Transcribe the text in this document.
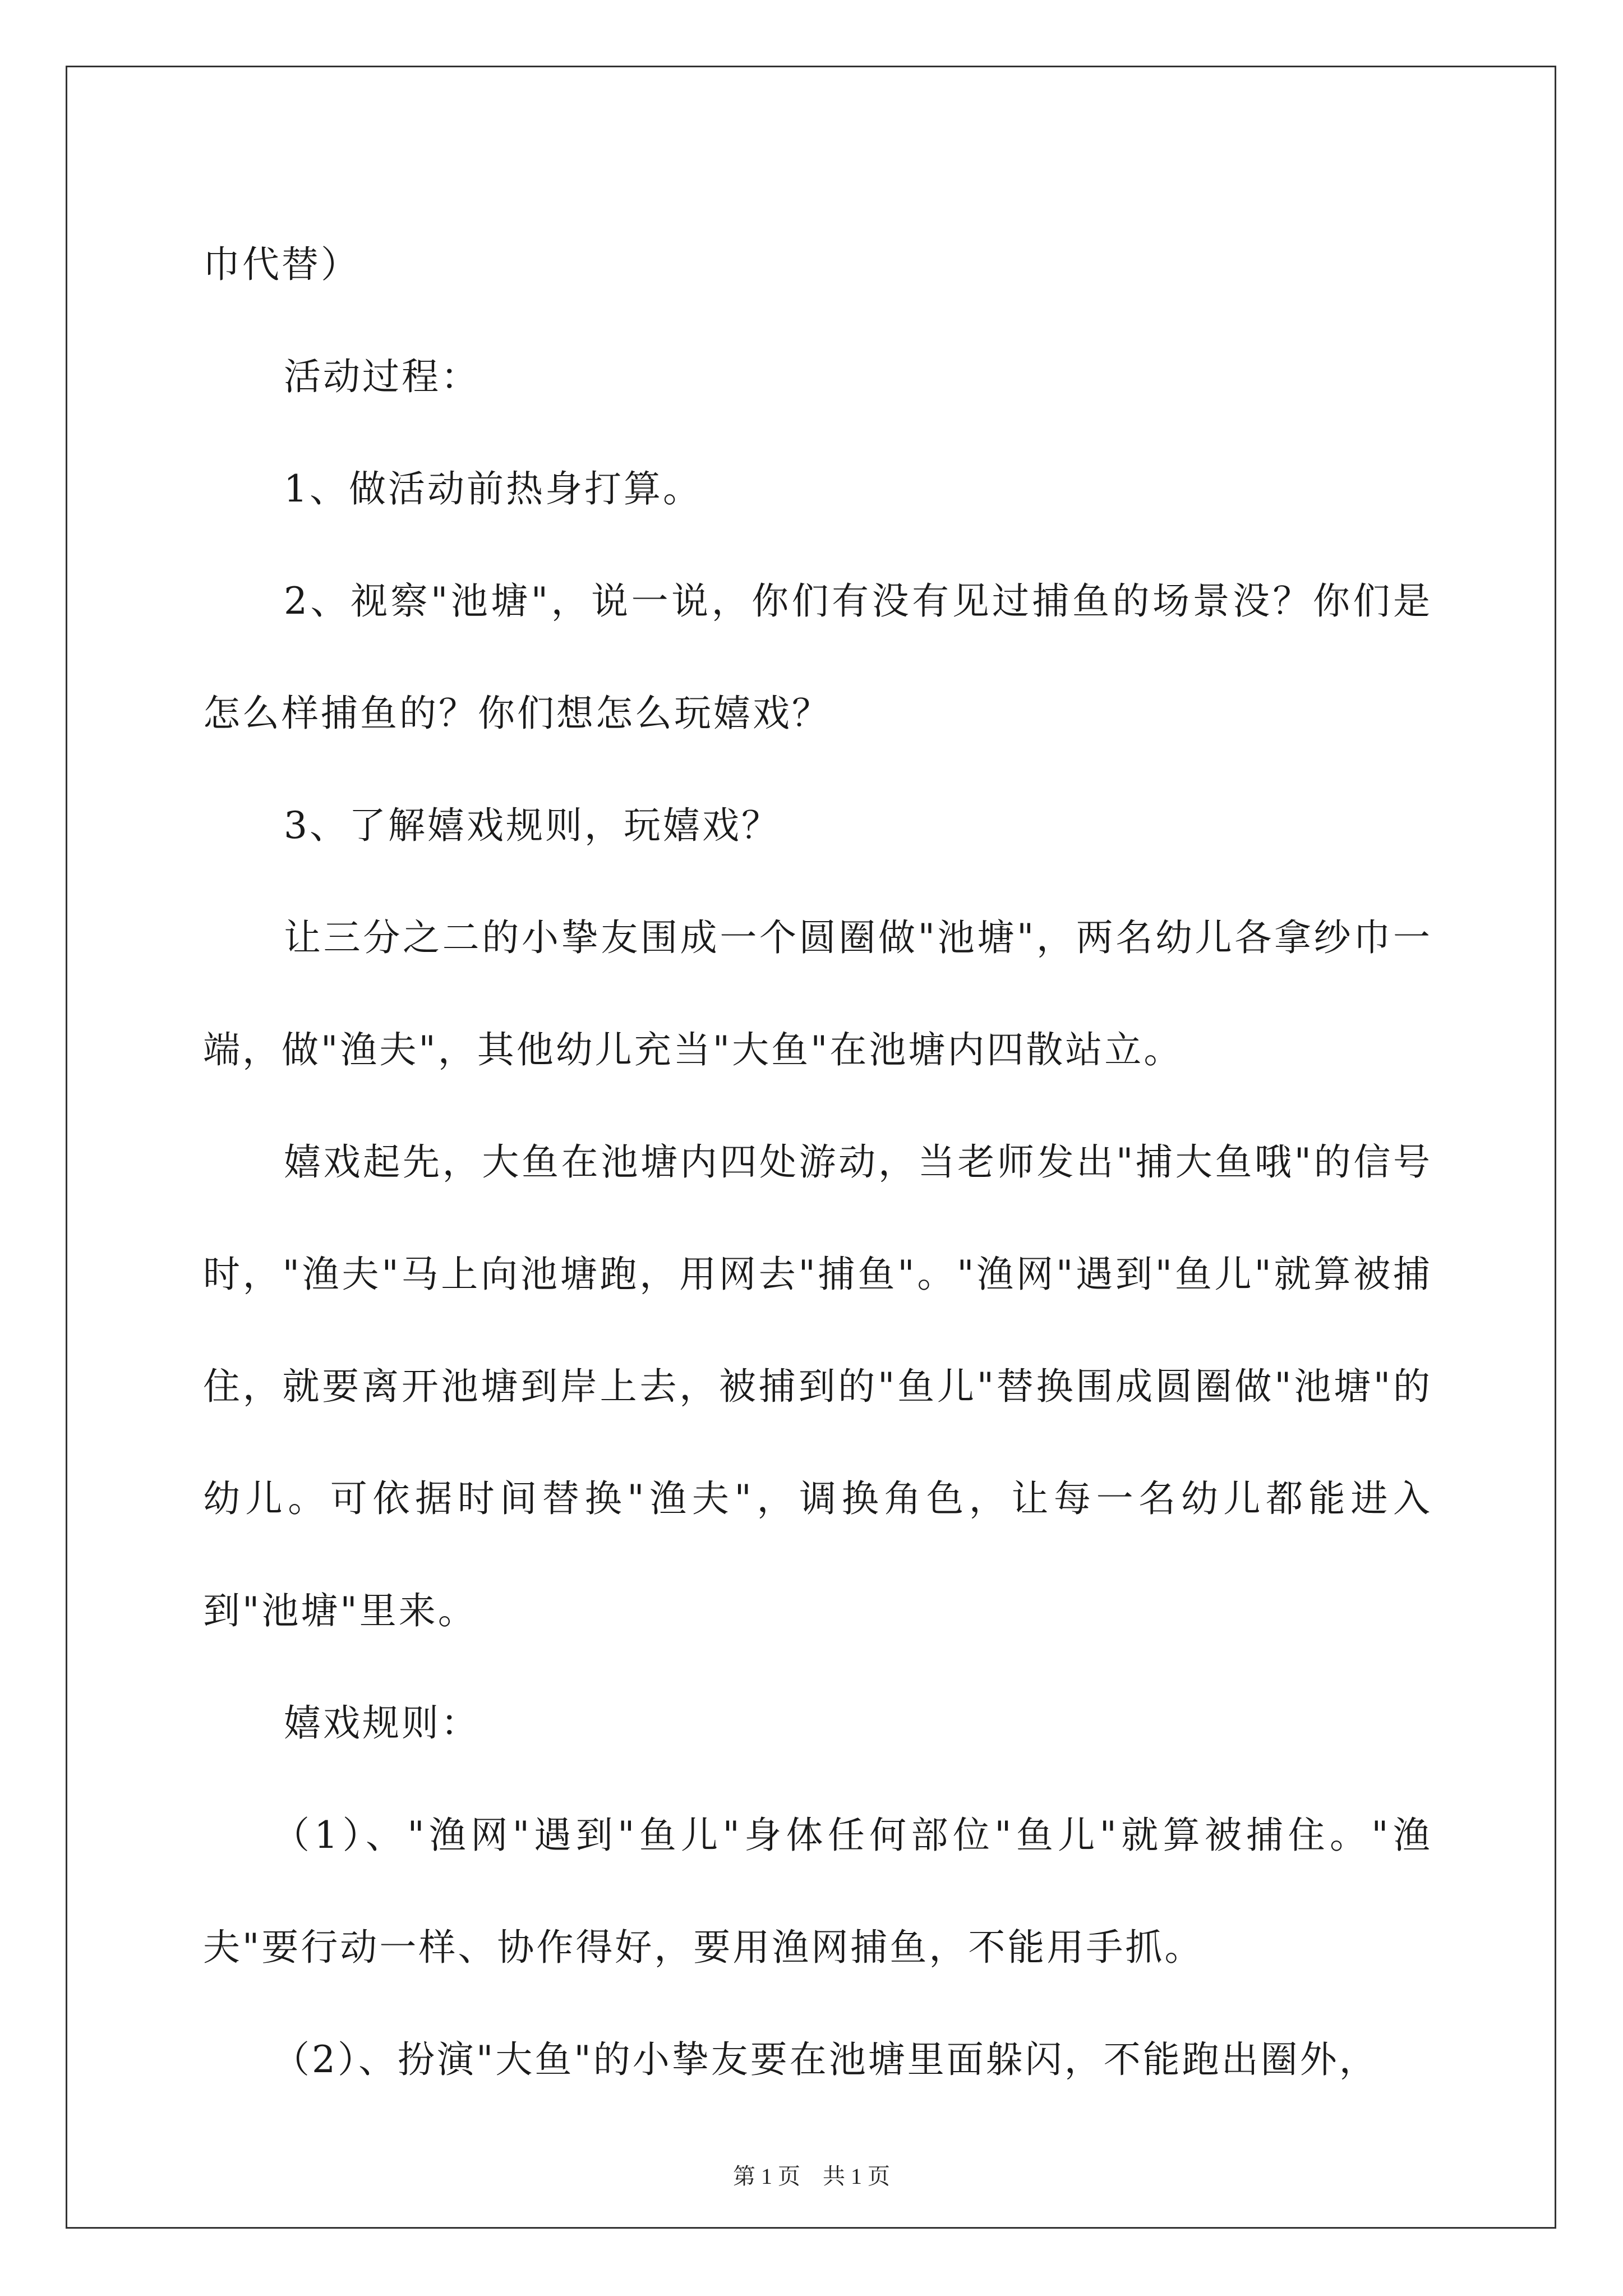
巾代替）

活动过程：

1、做活动前热身打算。

2、视察"池塘"，说一说，你们有没有见过捕鱼的场景没？你们是怎么样捕鱼的？你们想怎么玩嬉戏？

3、了解嬉戏规则，玩嬉戏？

让三分之二的小挚友围成一个圆圈做"池塘"，两名幼儿各拿纱巾一端，做"渔夫"，其他幼儿充当"大鱼"在池塘内四散站立。

嬉戏起先，大鱼在池塘内四处游动，当老师发出"捕大鱼哦"的信号时，"渔夫"马上向池塘跑，用网去"捕鱼"。"渔网"遇到"鱼儿"就算被捕住，就要离开池塘到岸上去，被捕到的"鱼儿"替换围成圆圈做"池塘"的幼儿。可依据时间替换"渔夫"，调换角色，让每一名幼儿都能进入到"池塘"里来。

嬉戏规则：

（1）、"渔网"遇到"鱼儿"身体任何部位"鱼儿"就算被捕住。"渔夫"要行动一样、协作得好，要用渔网捕鱼，不能用手抓。

（2）、扮演"大鱼"的小挚友要在池塘里面躲闪，不能跑出圈外，

第 1 页　共 1 页
